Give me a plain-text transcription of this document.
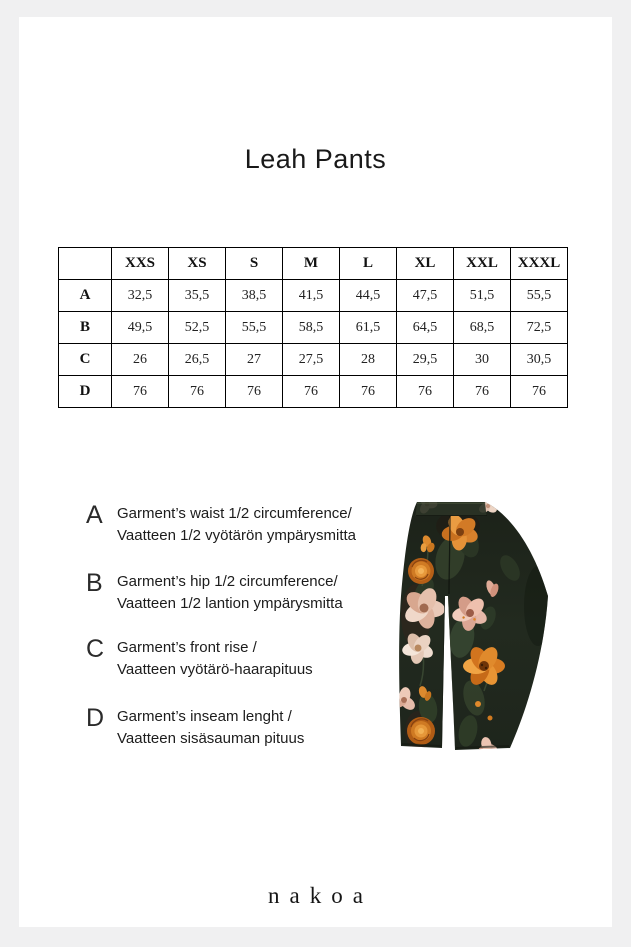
Leah Pants
	XXS	XS	S	M	L	XL	XXL	XXXL
A	32,5	35,5	38,5	41,5	44,5	47,5	51,5	55,5
B	49,5	52,5	55,5	58,5	61,5	64,5	68,5	72,5
C	26	26,5	27	27,5	28	29,5	30	30,5
D	76	76	76	76	76	76	76	76
A Garment’s waist 1/2 circumference/
Vaatteen 1/2 vyötärön ympärysmitta
B Garment’s hip 1/2 circumference/
Vaatteen 1/2 lantion ympärysmitta
C Garment’s front rise /
Vaatteen vyötärö-haarapituus
D Garment’s inseam lenght /
Vaatteen sisäsauman pituus
nakoa
